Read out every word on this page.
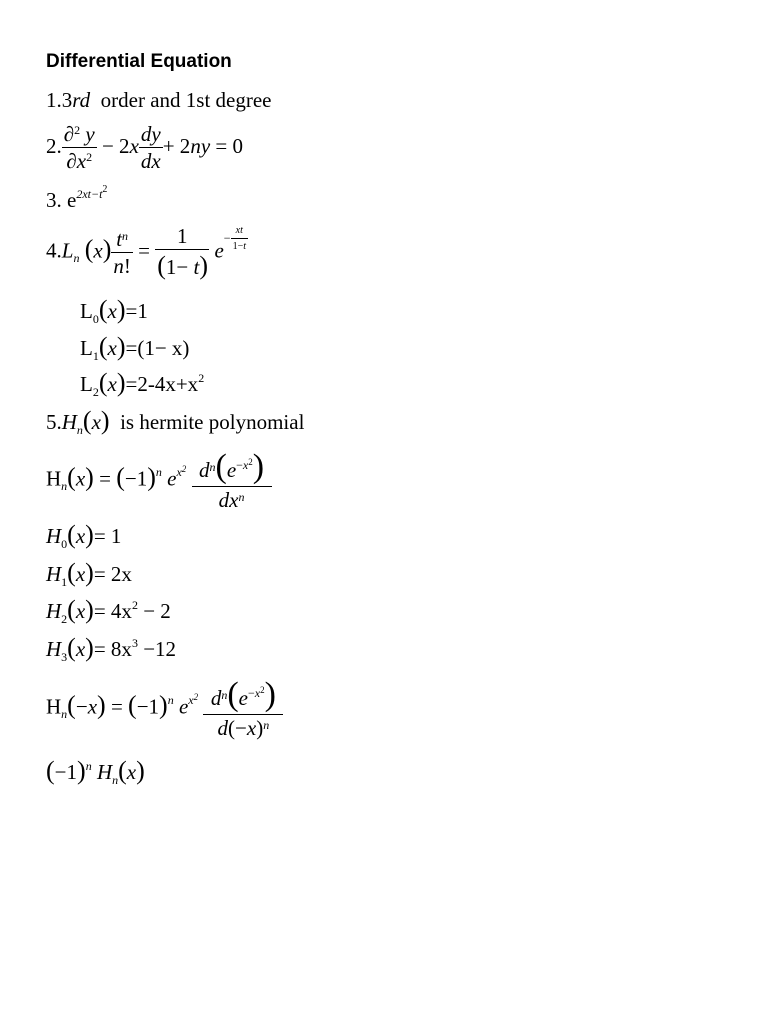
Differential Equation
1.3rd order and 1st degree
2. $\frac{\partial^2 y}{\partial x^2} - 2x \frac{dy}{dx} + 2ny = 0$
3. $e^{2xt-t2}$
$4.L_n$ $(x) \frac{t^n}{n!} = \frac{1}{(1- t)} e- \frac{xt}{1-t}$
$L_0(x)=1$
$L_1(x)=(1- x)$
$L_2(x)=2-4x+x^2$
$5.H_n(x)$ is hermite polynomial
$H_n(x) = (-1)^n$ $e^{x^2} \frac{d^n(e^{-x^2})}{dx^n}$
$H_0(x)= 1$
$H_1(x)= 2x$
$H_2(x)= 4x^2 - 2$
$H_3(x)= 8x^3 -12$
$H_n(-x) = (-1)^n$ $e^{x^2} \frac{d^n(e^{-x^2})}{d(-x)^n}$
$(-1)^n$ $H_n(x)$
